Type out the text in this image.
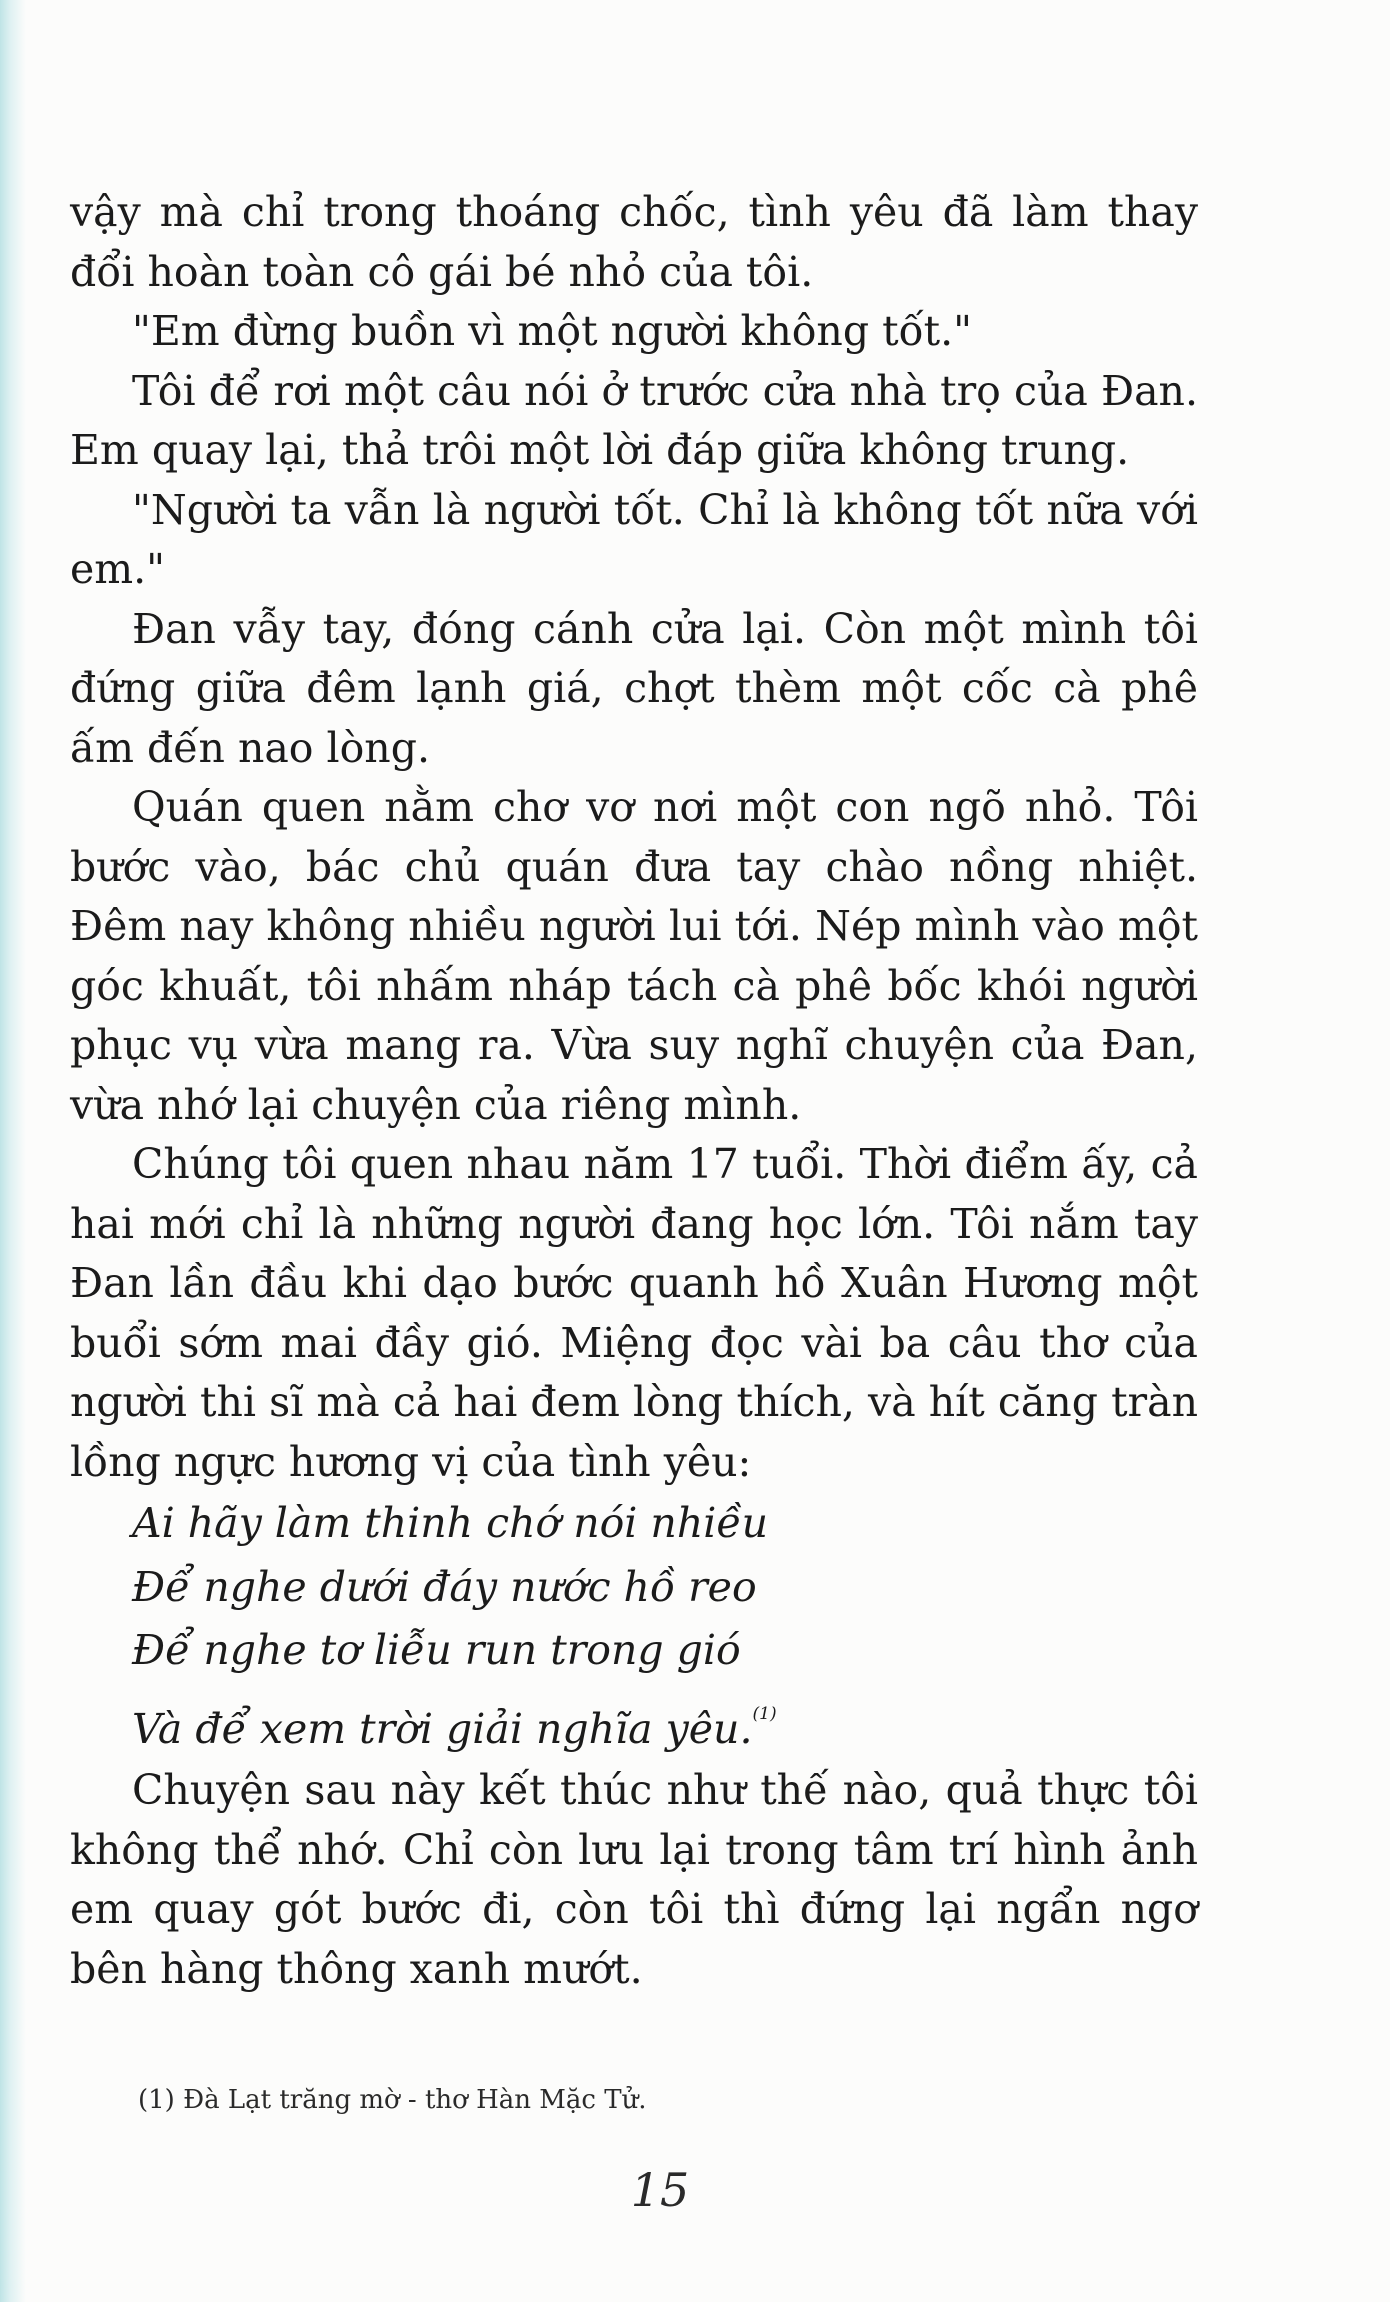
vậy mà chỉ trong thoáng chốc, tình yêu đã làm thay đổi hoàn toàn cô gái bé nhỏ của tôi.

"Em đừng buồn vì một người không tốt."

Tôi để rơi một câu nói ở trước cửa nhà trọ của Đan. Em quay lại, thả trôi một lời đáp giữa không trung.

"Người ta vẫn là người tốt. Chỉ là không tốt nữa với em."

Đan vẫy tay, đóng cánh cửa lại. Còn một mình tôi đứng giữa đêm lạnh giá, chợt thèm một cốc cà phê ấm đến nao lòng.

Quán quen nằm chơ vơ nơi một con ngõ nhỏ. Tôi bước vào, bác chủ quán đưa tay chào nồng nhiệt. Đêm nay không nhiều người lui tới. Nép mình vào một góc khuất, tôi nhấm nháp tách cà phê bốc khói người phục vụ vừa mang ra. Vừa suy nghĩ chuyện của Đan, vừa nhớ lại chuyện của riêng mình.

Chúng tôi quen nhau năm 17 tuổi. Thời điểm ấy, cả hai mới chỉ là những người đang học lớn. Tôi nắm tay Đan lần đầu khi dạo bước quanh hồ Xuân Hương một buổi sớm mai đầy gió. Miệng đọc vài ba câu thơ của người thi sĩ mà cả hai đem lòng thích, và hít căng tràn lồng ngực hương vị của tình yêu:

Ai hãy làm thinh chớ nói nhiều
Để nghe dưới đáy nước hồ reo
Để nghe tơ liễu run trong gió
Và để xem trời giải nghĩa yêu.$^{(1)}$

Chuyện sau này kết thúc như thế nào, quả thực tôi không thể nhớ. Chỉ còn lưu lại trong tâm trí hình ảnh em quay gót bước đi, còn tôi thì đứng lại ngẩn ngơ bên hàng thông xanh mướt.

(1) Đà Lạt trăng mờ - thơ Hàn Mặc Tử.
15
